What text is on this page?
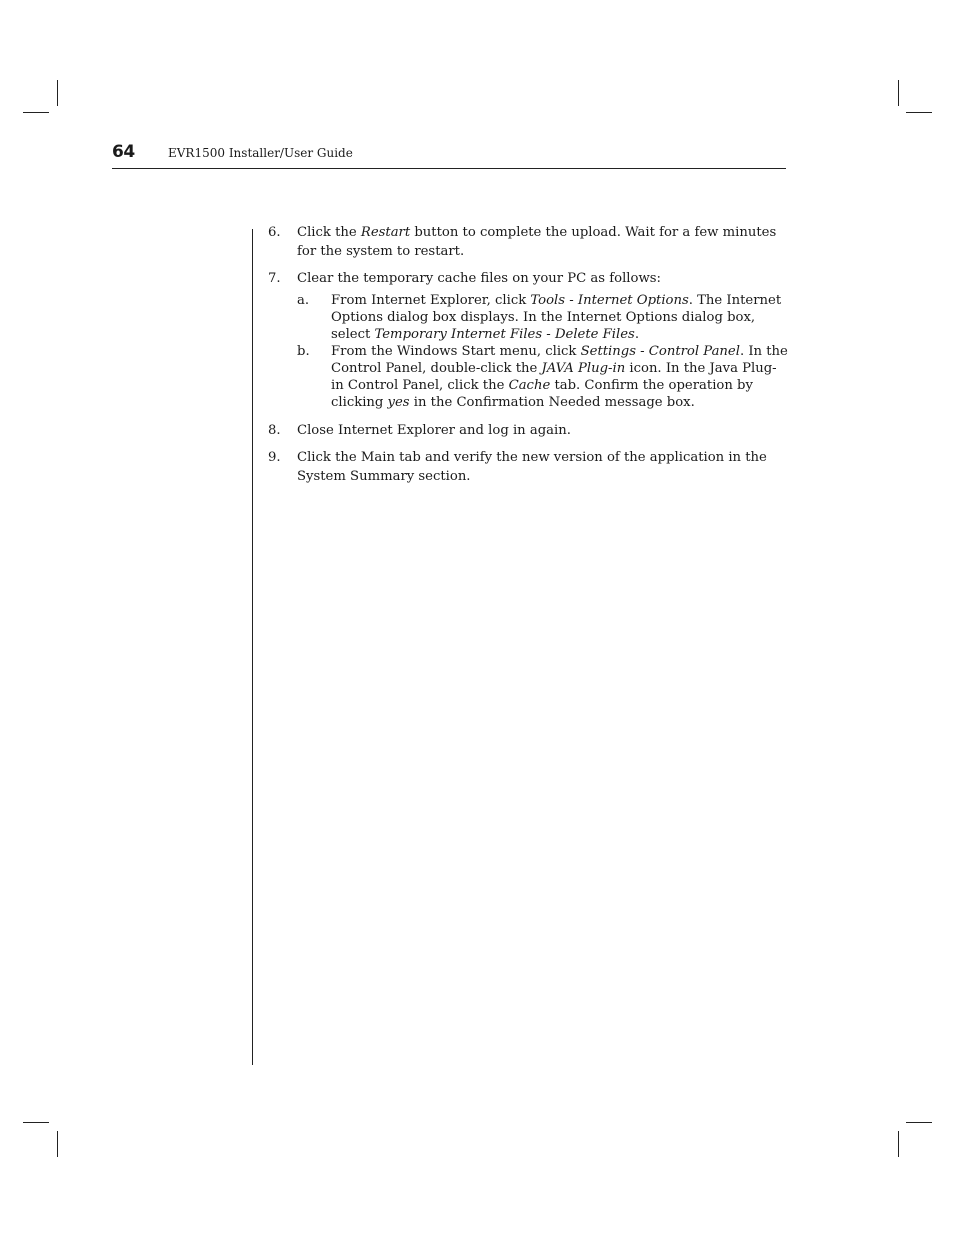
64	EVR1500 Installer/User Guide
6. Click the Restart button to complete the upload. Wait for a few minutes for the system to restart.
7. Clear the temporary cache files on your PC as follows:
a. From Internet Explorer, click Tools - Internet Options. The Internet Options dialog box displays. In the Internet Options dialog box, select Temporary Internet Files - Delete Files.
b. From the Windows Start menu, click Settings - Control Panel. In the Control Panel, double-click the JAVA Plug-in icon. In the Java Plug-in Control Panel, click the Cache tab. Confirm the operation by clicking yes in the Confirmation Needed message box.
8. Close Internet Explorer and log in again.
9. Click the Main tab and verify the new version of the application in the System Summary section.
